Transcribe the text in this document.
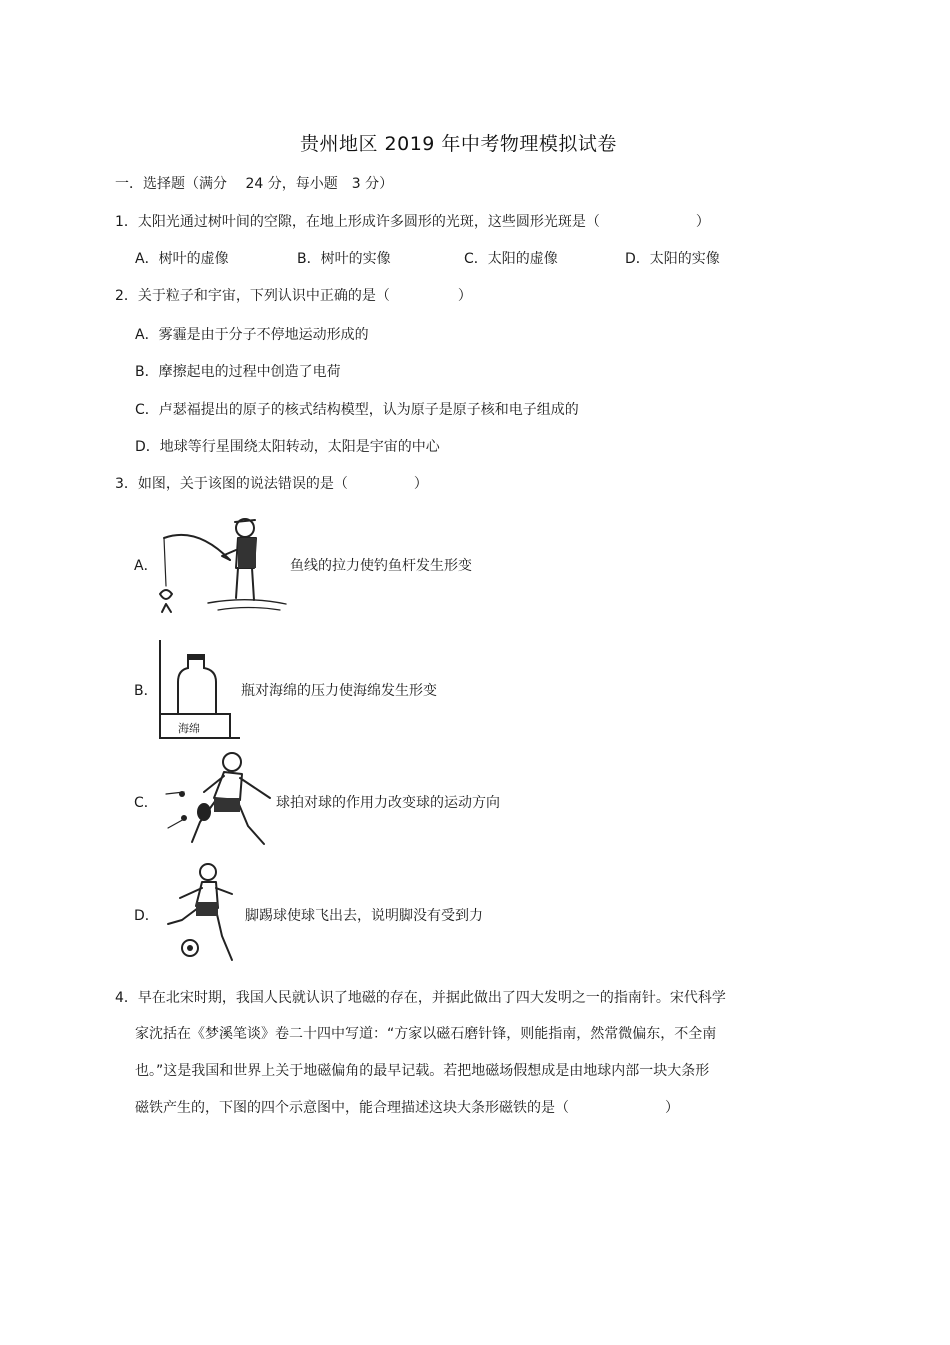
贵州地区 2019 年中考物理模拟试卷
一．选择题（满分　 24 分，每小题　3 分）
1．太阳光通过树叶间的空隙，在地上形成许多圆形的光斑，这些圆形光斑是（	）
A．树叶的虚像	B．树叶的实像	C．太阳的虚像	D．太阳的实像
2．关于粒子和宇宙，下列认识中正确的是（	）
A．雾霾是由于分子不停地运动形成的
B．摩擦起电的过程中创造了电荷
C．卢瑟福提出的原子的核式结构模型，认为原子是原子核和电子组成的
D．地球等行星围绕太阳转动，太阳是宇宙的中心
3．如图，关于该图的说法错误的是（	）
A．	鱼线的拉力使钓鱼杆发生形变
B．
海绵
瓶对海绵的压力使海绵发生形变
C．	球拍对球的作用力改变球的运动方向
D．	脚踢球使球飞出去，说明脚没有受到力
4．早在北宋时期，我国人民就认识了地磁的存在，并据此做出了四大发明之一的指南针。宋代科学
家沈括在《梦溪笔谈》卷二十四中写道：“方家以磁石磨针锋，则能指南，然常微偏东，不全南
也。”这是我国和世界上关于地磁偏角的最早记载。若把地磁场假想成是由地球内部一块大条形
磁铁产生的，下图的四个示意图中，能合理描述这块大条形磁铁的是（	）
